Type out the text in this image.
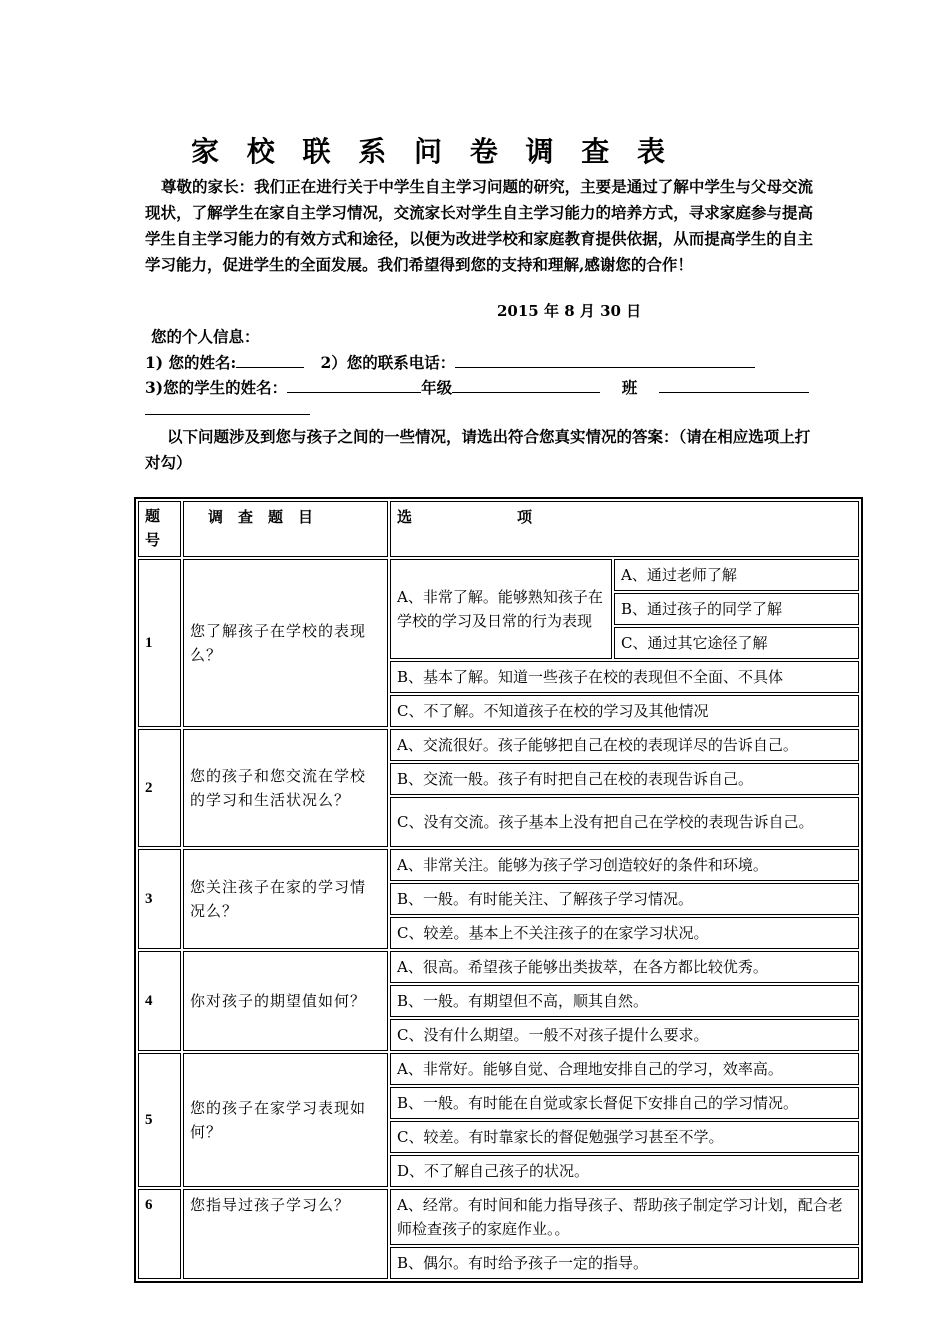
家 校 联 系 问 卷 调 查 表

尊敬的家长：我们正在进行关于中学生自主学习问题的研究，主要是通过了解中学生与父母交流现状，了解学生在家自主学习情况，交流家长对学生自主学习能力的培养方式，寻求家庭参与提高学生自主学习能力的有效方式和途径，以便为改进学校和家庭教育提供依据，从而提高学生的自主学习能力，促进学生的全面发展。我们希望得到您的支持和理解,感谢您的合作！

2015 年 8 月 30 日
您的个人信息：
1) 您的姓名:	2）您的联系电话：
3)您的学生的姓名：	年级	班
以下问题涉及到您与孩子之间的一些情况，请选出符合您真实情况的答案：（请在相应选项上打对勾）
题号	调　查　题　目	选　　　　　　　项	
1	您了解孩子在学校的表现么？	A、非常了解。能够熟知孩子在学校的学习及日常的行为表现	A、通过老师了解
			B、通过孩子的同学了解
			C、通过其它途径了解
		B、基本了解。知道一些孩子在校的表现但不全面、不具体	
		C、不了解。不知道孩子在校的学习及其他情况	
2	您的孩子和您交流在学校的学习和生活状况么？	A、交流很好。孩子能够把自己在校的表现详尽的告诉自己。	
		B、交流一般。孩子有时把自己在校的表现告诉自己。	
		C、没有交流。孩子基本上没有把自己在学校的表现告诉自己。	
3	您关注孩子在家的学习情况么？	A、非常关注。能够为孩子学习创造较好的条件和环境。	
		B、一般。有时能关注、了解孩子学习情况。	
		C、较差。基本上不关注孩子的在家学习状况。	
4	你对孩子的期望值如何？	A、很高。希望孩子能够出类拔萃，在各方都比较优秀。	
		B、一般。有期望但不高，顺其自然。	
		C、没有什么期望。一般不对孩子提什么要求。	
5	您的孩子在家学习表现如何？	A、非常好。能够自觉、合理地安排自己的学习，效率高。	
		B、一般。有时能在自觉或家长督促下安排自己的学习情况。	
		C、较差。有时靠家长的督促勉强学习甚至不学。	
		D、不了解自己孩子的状况。	
6	您指导过孩子学习么？	A、经常。有时间和能力指导孩子、帮助孩子制定学习计划，配合老师检查孩子的家庭作业。。	
		B、偶尔。有时给予孩子一定的指导。	
